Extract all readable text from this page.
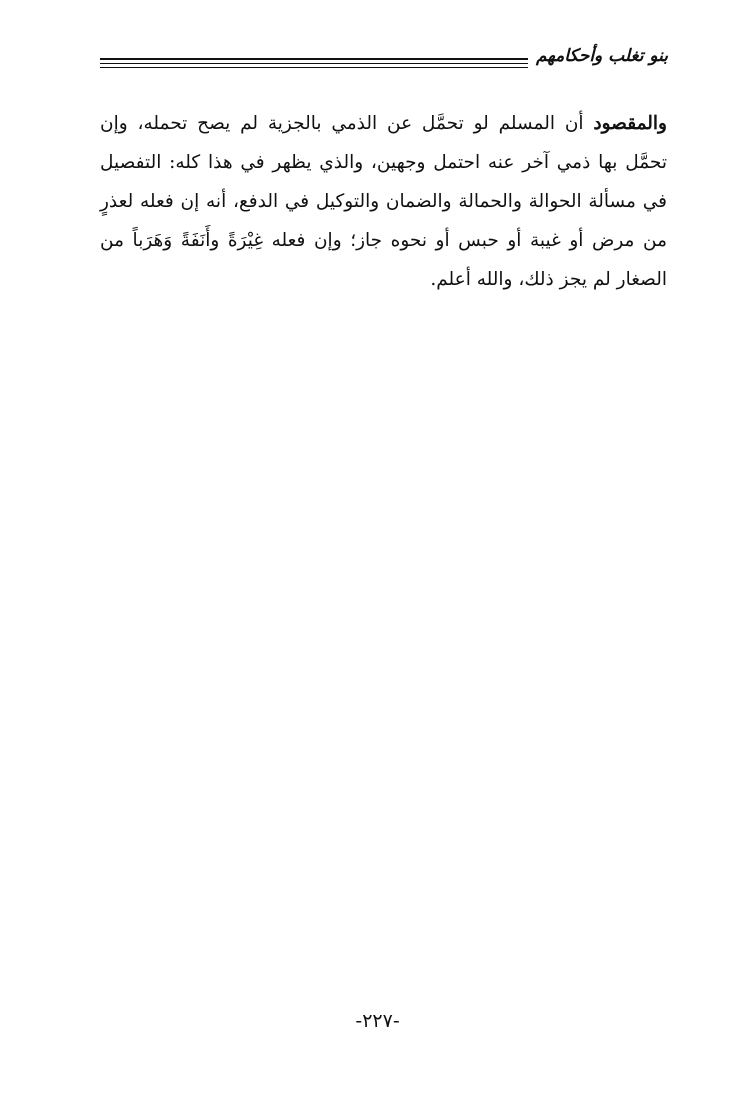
بنو تغلب وأحكامهم
والمقصود أن المسلم لو تحمَّل عن الذمي بالجزية لم يصح تحمله، وإن تحمَّل بها ذمي آخر عنه احتمل وجهين، والذي يظهر في هذا كله: التفصيل في مسألة الحوالة والحمالة والضمان والتوكيل في الدفع، أنه إن فعله لعذرٍ من مرض أو غيبة أو حبس أو نحوه جاز؛ وإن فعله غِيْرَةً وأَنَفَةً وَهَرَباً من الصغار لم يجز ذلك، والله أعلم.
-٢٢٧-
